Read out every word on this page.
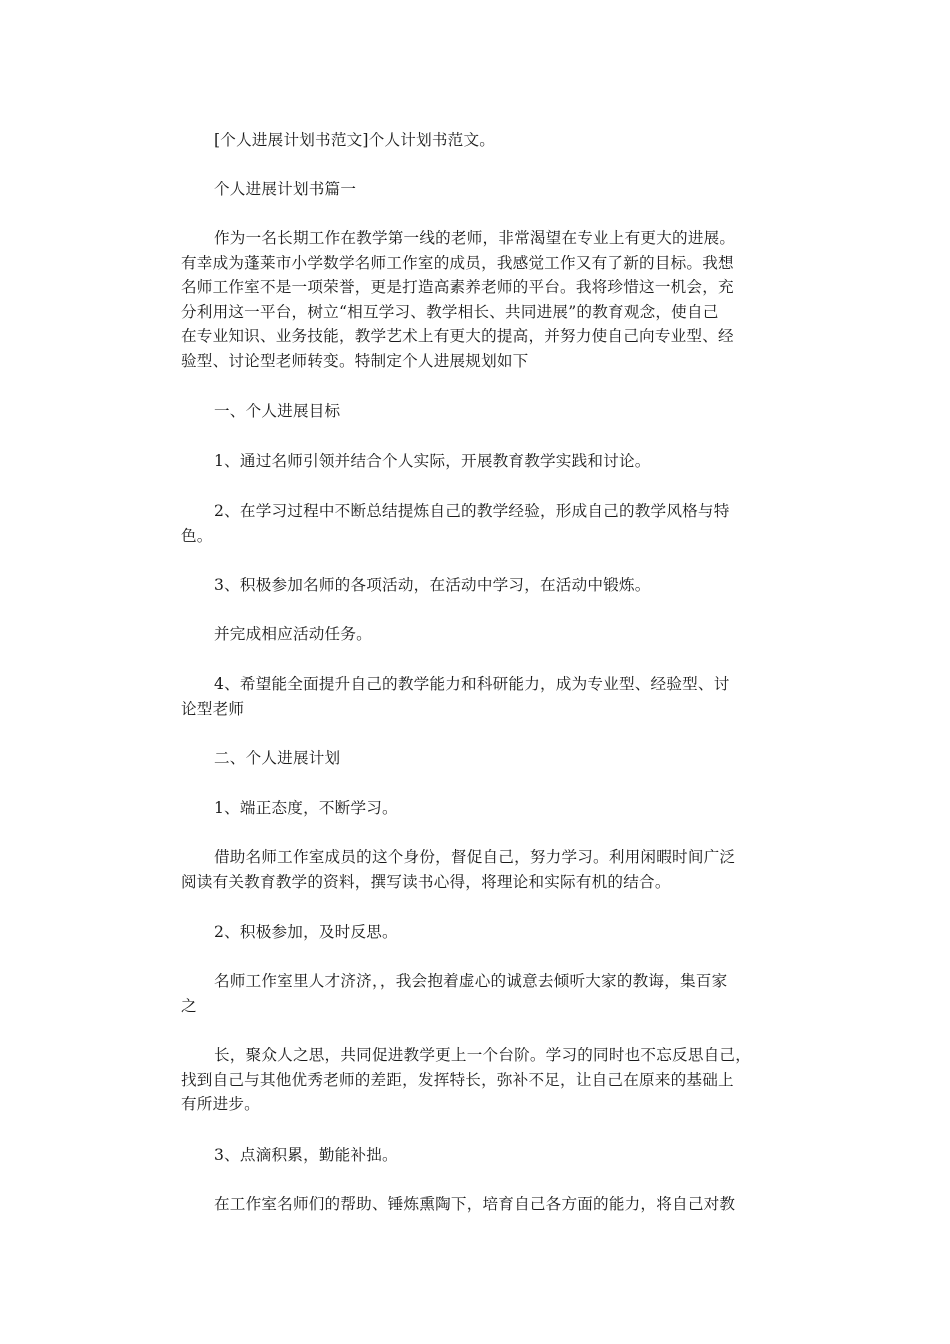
[个人进展计划书范文]个人计划书范文。

个人进展计划书篇一

作为一名长期工作在教学第一线的老师，非常渴望在专业上有更大的进展。
有幸成为蓬莱市小学数学名师工作室的成员，我感觉工作又有了新的目标。我想
名师工作室不是一项荣誉，更是打造高素养老师的平台。我将珍惜这一机会，充
分利用这一平台，树立“相互学习、教学相长、共同进展”的教育观念，使自己
在专业知识、业务技能，教学艺术上有更大的提高，并努力使自己向专业型、经
验型、讨论型老师转变。特制定个人进展规划如下

一、个人进展目标

1、通过名师引领并结合个人实际，开展教育教学实践和讨论。

2、在学习过程中不断总结提炼自己的教学经验，形成自己的教学风格与特
色。

3、积极参加名师的各项活动，在活动中学习，在活动中锻炼。

并完成相应活动任务。

4、希望能全面提升自己的教学能力和科研能力，成为专业型、经验型、讨
论型老师

二、个人进展计划

1、端正态度，不断学习。

借助名师工作室成员的这个身份，督促自己，努力学习。利用闲暇时间广泛
阅读有关教育教学的资料，撰写读书心得，将理论和实际有机的结合。

2、积极参加，及时反思。

名师工作室里人才济济，，我会抱着虚心的诚意去倾听大家的教诲，集百家
之

长，聚众人之思，共同促进教学更上一个台阶。学习的同时也不忘反思自己，
找到自己与其他优秀老师的差距，发挥特长，弥补不足，让自己在原来的基础上
有所进步。

3、点滴积累，勤能补拙。

在工作室名师们的帮助、锤炼熏陶下，培育自己各方面的能力，将自己对教
